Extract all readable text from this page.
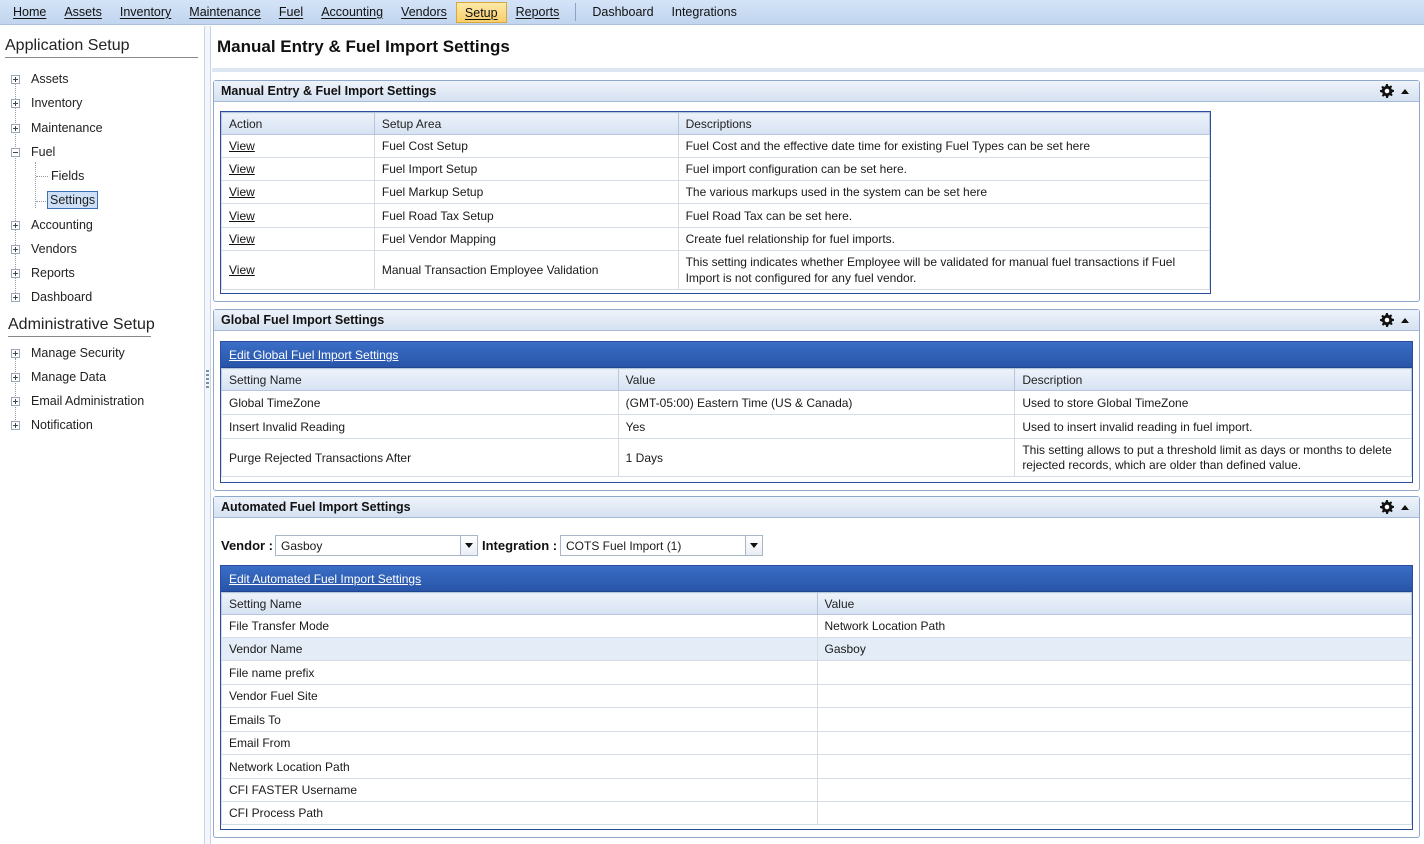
Home	Assets	Inventory	Maintenance	Fuel	Accounting	Vendors	Setup	Reports	Dashboard	Integrations
Application Setup
Assets
Inventory
Maintenance
Fuel
Fields
Settings
Accounting
Vendors
Reports
Dashboard
Administrative Setup
Manage Security
Manage Data
Email Administration
Notification
Manual Entry & Fuel Import Settings
Manual Entry & Fuel Import Settings
Action	Setup Area	Descriptions
View	Fuel Cost Setup	Fuel Cost and the effective date time for existing Fuel Types can be set here
View	Fuel Import Setup	Fuel import configuration can be set here.
View	Fuel Markup Setup	The various markups used in the system can be set here
View	Fuel Road Tax Setup	Fuel Road Tax can be set here.
View	Fuel Vendor Mapping	Create fuel relationship for fuel imports.
View	Manual Transaction Employee Validation	This setting indicates whether Employee will be validated for manual fuel transactions if Fuel Import is not configured for any fuel vendor.
Global Fuel Import Settings
Edit Global Fuel Import Settings
Setting Name	Value	Description
Global TimeZone	(GMT-05:00) Eastern Time (US & Canada)	Used to store Global TimeZone
Insert Invalid Reading	Yes	Used to insert invalid reading in fuel import.
Purge Rejected Transactions After	1 Days	This setting allows to put a threshold limit as days or months to delete rejected records, which are older than defined value.
Automated Fuel Import Settings
Vendor : Gasboy	Integration : COTS Fuel Import (1)
Edit Automated Fuel Import Settings
Setting Name	Value
File Transfer Mode	Network Location Path
Vendor Name	Gasboy
File name prefix	
Vendor Fuel Site	
Emails To	
Email From	
Network Location Path	
CFI FASTER Username	
CFI Process Path	
